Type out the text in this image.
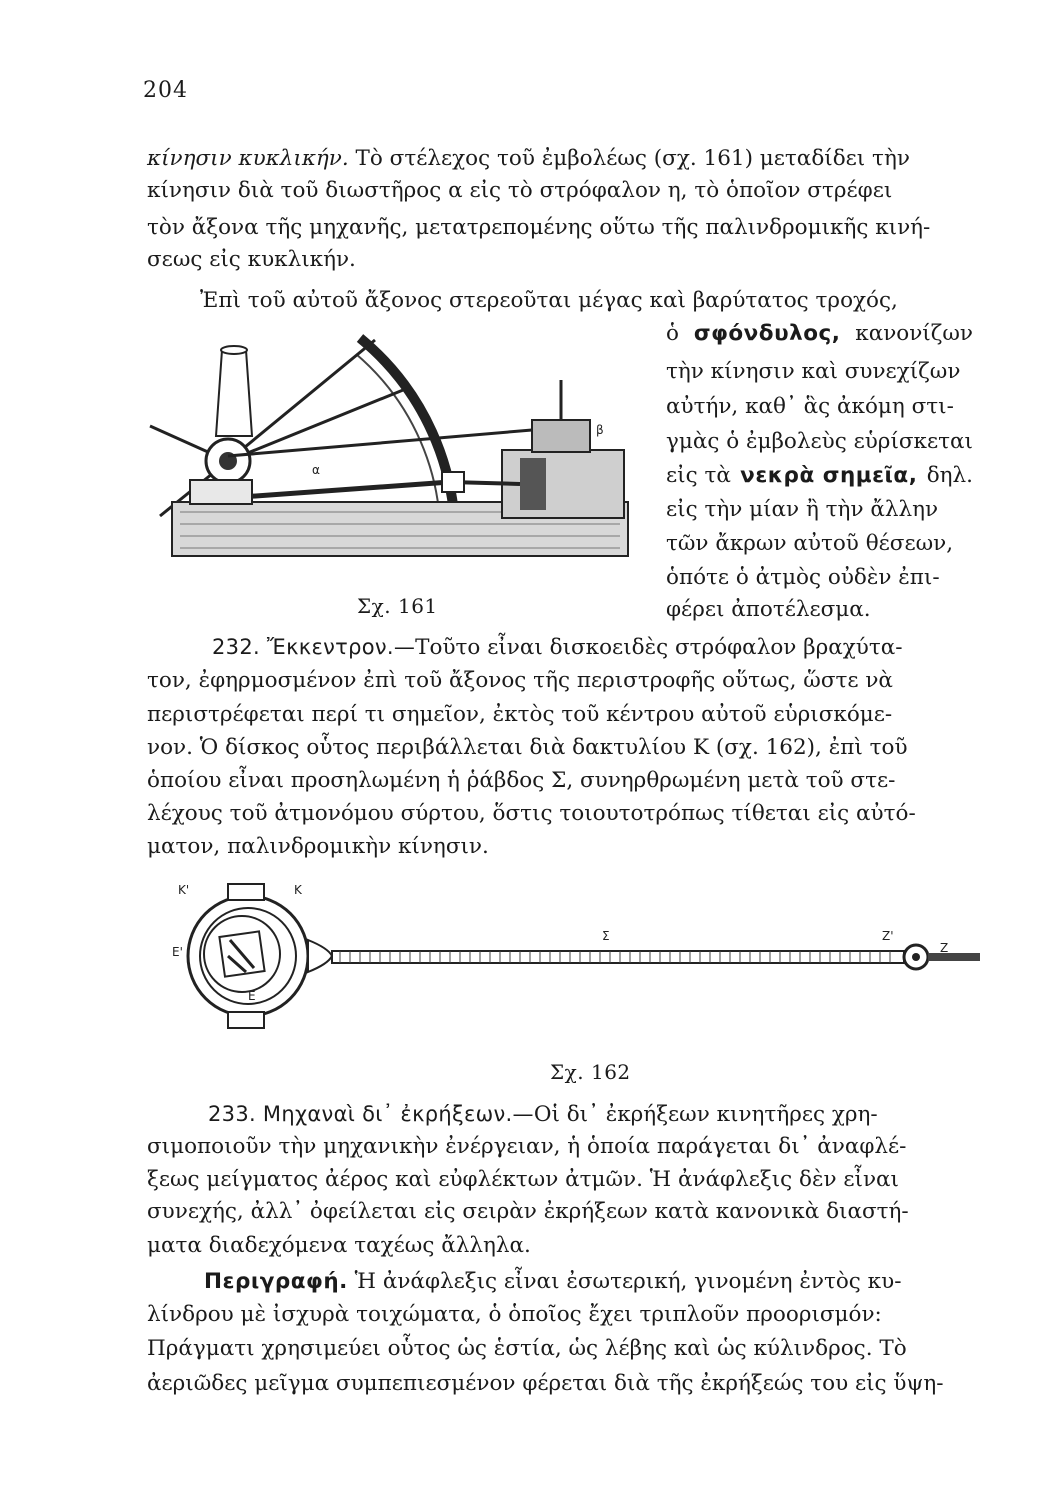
204
κίνησιν κυκλικήν. Τὸ στέλεχος τοῦ ἐμβολέως (σχ. 161) μεταδίδει τὴν
κίνησιν διὰ τοῦ διωστῆρος α εἰς τὸ στρόφαλον η, τὸ ὁποῖον στρέφει
τὸν ἄξονα τῆς μηχανῆς, μετατρεπομένης οὕτω τῆς παλινδρομικῆς κινή-
σεως εἰς κυκλικήν.
Ἐπὶ τοῦ αὐτοῦ ἄξονος στερεοῦται μέγας καὶ βαρύτατος τροχός,
ὁ σφόνδυλος, κανονίζων
τὴν κίνησιν καὶ συνεχίζων
αὐτήν, καθ᾽ ἃς ἀκόμη στι-
γμὰς ὁ ἐμβολεὺς εὑρίσκεται
εἰς τὰ νεκρὰ σημεῖα, δηλ.
εἰς τὴν μίαν ἢ τὴν ἄλλην
τῶν ἄκρων αὐτοῦ θέσεων,
ὁπότε ὁ ἀτμὸς οὐδὲν ἐπι-
φέρει ἀποτέλεσμα.
β
α
Σχ. 161
232. Ἔκκεντρον.—Τοῦτο εἶναι δισκοειδὲς στρόφαλον βραχύτα-
τον, ἐφηρμοσμένον ἐπὶ τοῦ ἄξονος τῆς περιστροφῆς οὕτως, ὥστε νὰ
περιστρέφεται περί τι σημεῖον, ἐκτὸς τοῦ κέντρου αὐτοῦ εὑρισκόμε-
νον. Ὁ δίσκος οὗτος περιβάλλεται διὰ δακτυλίου Κ (σχ. 162), ἐπὶ τοῦ
ὁποίου εἶναι προσηλωμένη ἡ ῥάβδος Σ, συνηρθρωμένη μετὰ τοῦ στε-
λέχους τοῦ ἀτμονόμου σύρτου, ὅστις τοιουτοτρόπως τίθεται εἰς αὐτό-
ματον, παλινδρομικὴν κίνησιν.
Κ'	Κ
Ε'
Ε
Σ	Ζ'
Ζ
Σχ. 162
233. Μηχαναὶ δι᾽ ἐκρήξεων.—Οἱ δι᾽ ἐκρήξεων κινητῆρες χρη-
σιμοποιοῦν τὴν μηχανικὴν ἐνέργειαν, ἡ ὁποία παράγεται δι᾽ ἀναφλέ-
ξεως μείγματος ἀέρος καὶ εὐφλέκτων ἀτμῶν. Ἡ ἀνάφλεξις δὲν εἶναι
συνεχής, ἀλλ᾽ ὀφείλεται εἰς σειρὰν ἐκρήξεων κατὰ κανονικὰ διαστή-
ματα διαδεχόμενα ταχέως ἄλληλα.
Περιγραφή. Ἡ ἀνάφλεξις εἶναι ἐσωτερική, γινομένη ἐντὸς κυ-
λίνδρου μὲ ἰσχυρὰ τοιχώματα, ὁ ὁποῖος ἔχει τριπλοῦν προορισμόν:
Πράγματι χρησιμεύει οὗτος ὡς ἑστία, ὡς λέβης καὶ ὡς κύλινδρος. Τὸ
ἀεριῶδες μεῖγμα συμπεπιεσμένον φέρεται διὰ τῆς ἐκρήξεώς του εἰς ὕψη-
